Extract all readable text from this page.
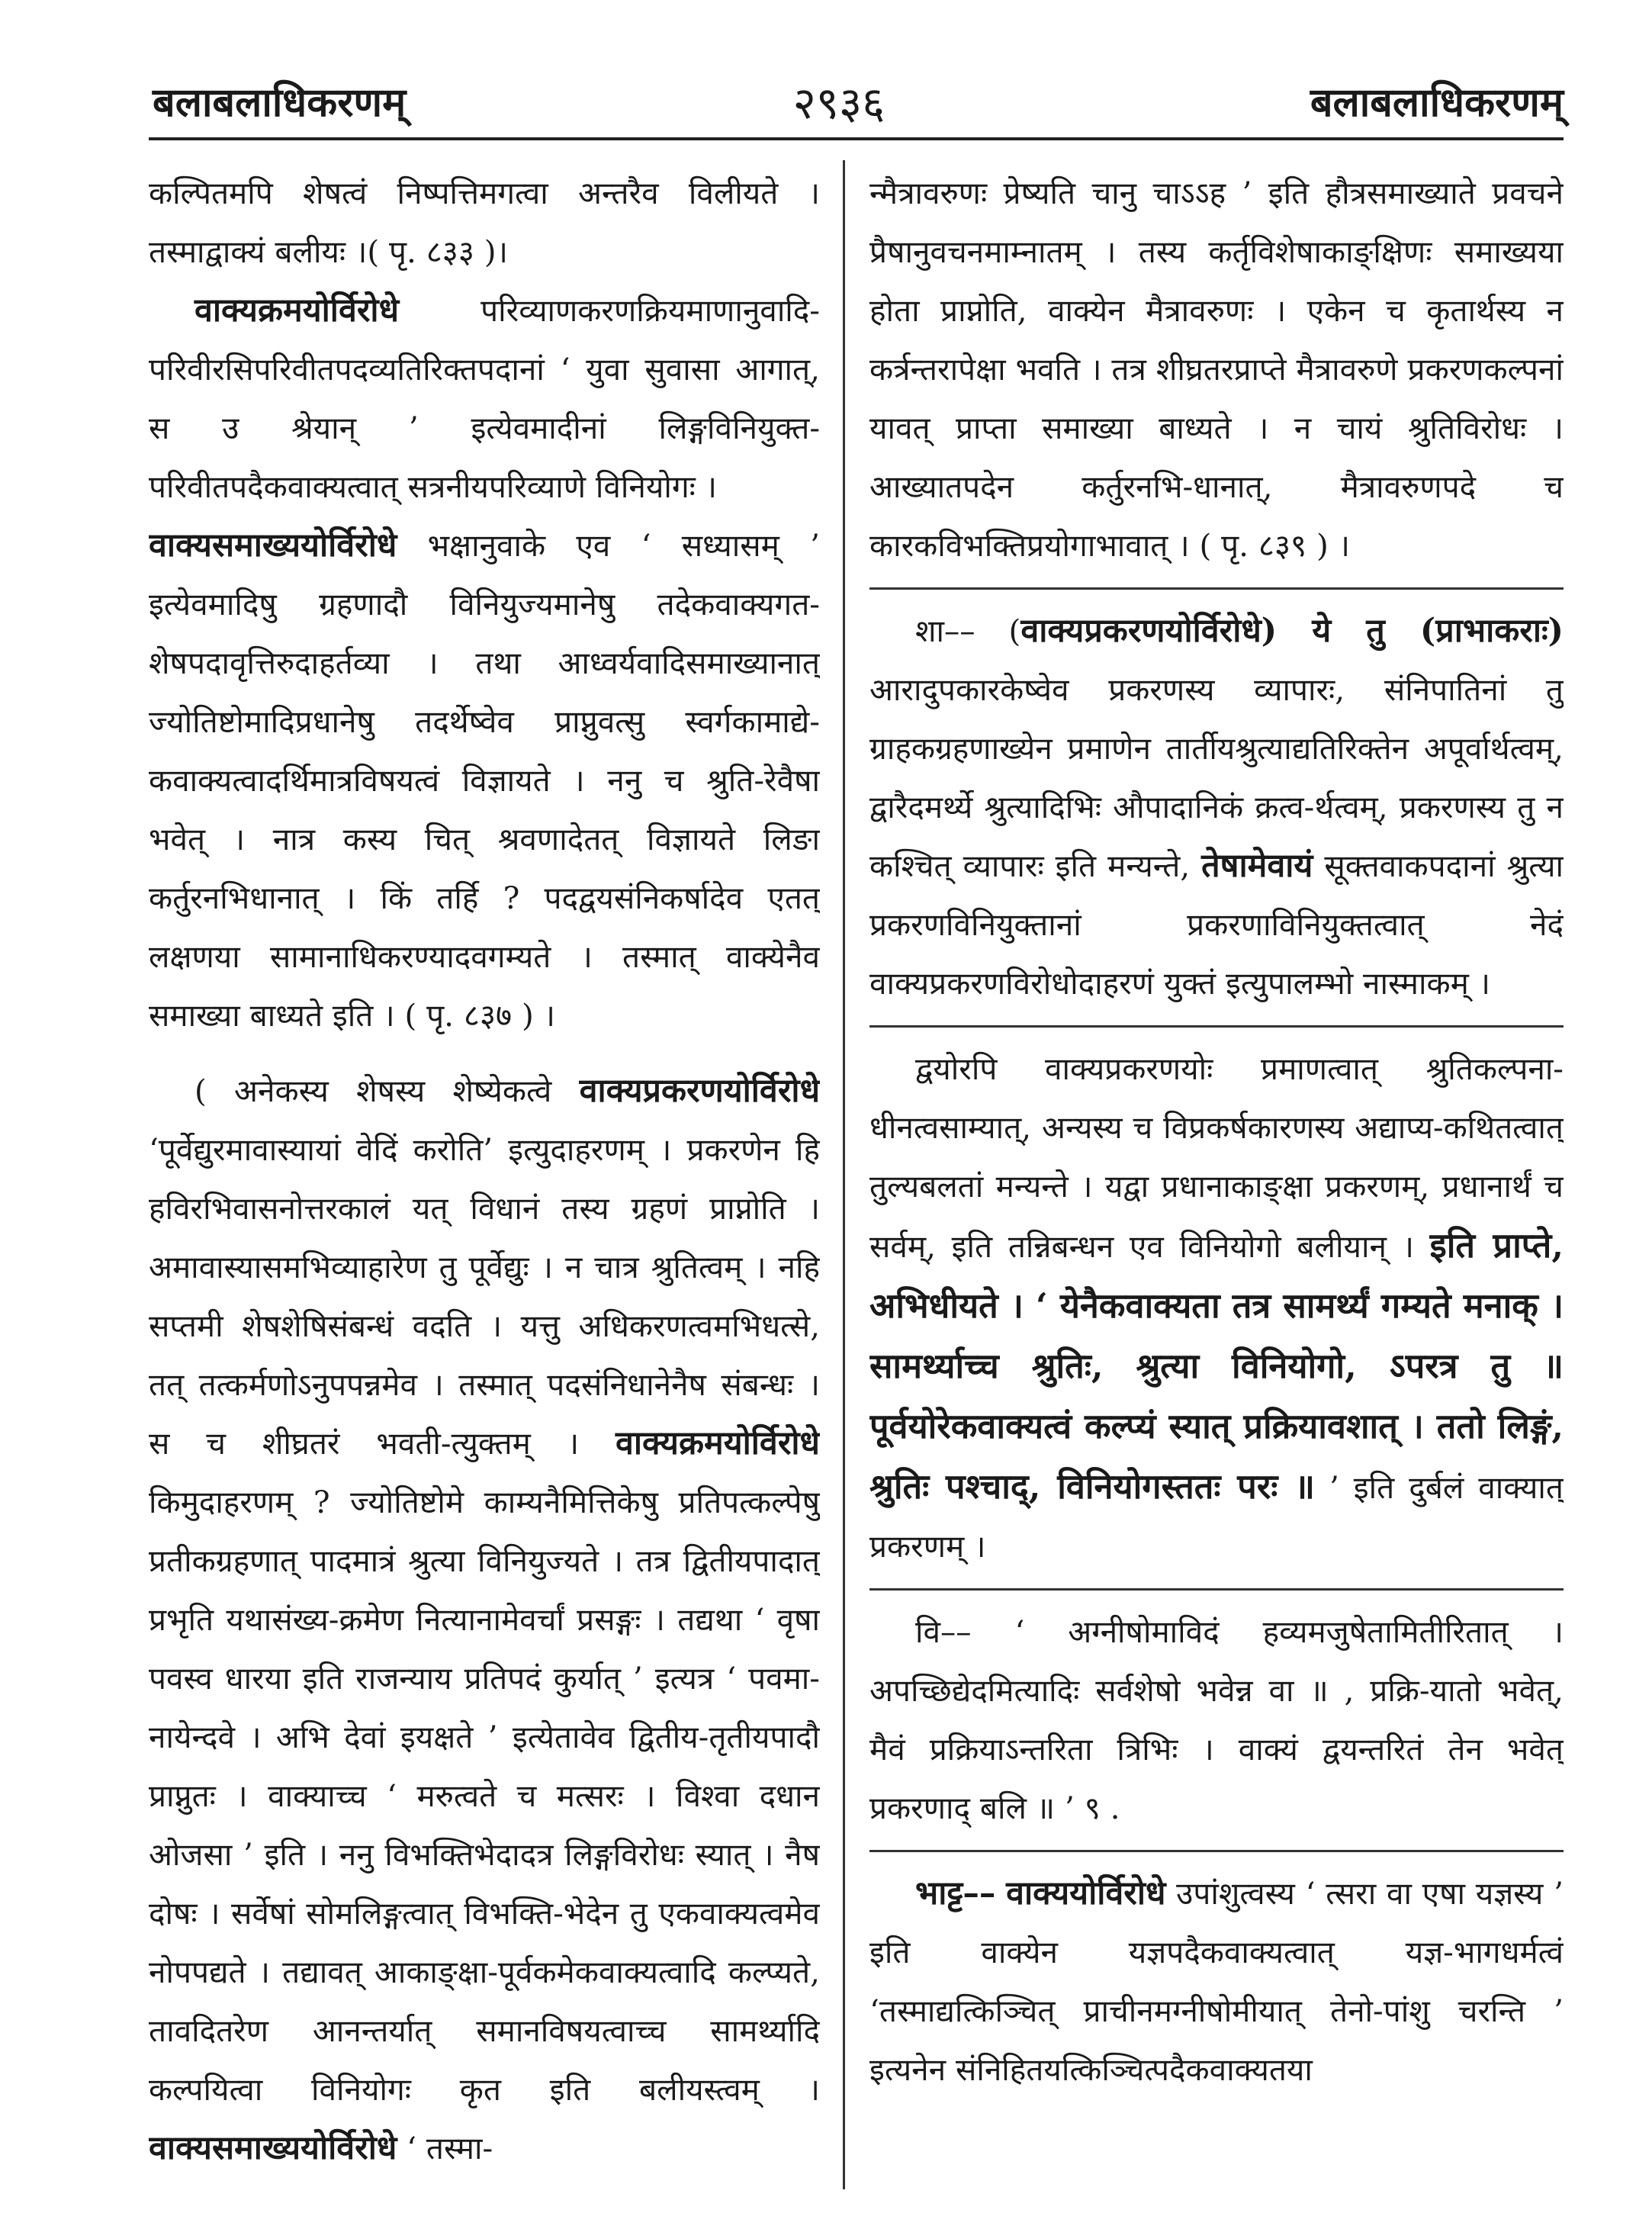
बलाबलाधिकरणम्	२९३६	बलाबलाधिकरणम्
कल्पितमपि शेषत्वं निष्पत्तिमगत्वा अन्तरैव विलीयते । तस्माद्वाक्यं बलीयः ।( पृ. ८३३ )।
वाक्यक्रमयोर्विरोधे	परिव्याणकरणक्रियमाणानुवादि-परिवीरसिपरिवीतपदव्यतिरिक्तपदानां ‘ युवा सुवासा आगात्, स उ श्रेयान् ’ इत्येवमादीनां लिङ्गविनियुक्त-परिवीतपदैकवाक्यत्वात् सत्रनीयपरिव्याणे विनियोगः ।
वाक्यसमाख्ययोर्विरोधे भक्षानुवाके एव ‘ सध्यासम् ’ इत्येवमादिषु ग्रहणादौ विनियुज्यमानेषु तदेकवाक्यगत-शेषपदावृत्तिरुदाहर्तव्या । तथा आध्वर्यवादिसमाख्यानात् ज्योतिष्टोमादिप्रधानेषु तदर्थेष्वेव प्राप्नुवत्सु स्वर्गकामाद्ये-कवाक्यत्वादर्थिमात्रविषयत्वं विज्ञायते । ननु च श्रुति-रेवैषा भवेत् । नात्र कस्य चित् श्रवणादेतत् विज्ञायते लिङा कर्तुरनभिधानात् । किं तर्हि ? पदद्वयसंनिकर्षादेव एतत् लक्षणया सामानाधिकरण्यादवगम्यते । तस्मात् वाक्येनैव समाख्या बाध्यते इति । ( पृ. ८३७ ) ।
( अनेकस्य शेषस्य शेष्येकत्वे वाक्यप्रकरणयोर्विरोधे ‘पूर्वेद्युरमावास्यायां वेदिं करोति’ इत्युदाहरणम् । प्रकरणेन हि हविरभिवासनोत्तरकालं यत् विधानं तस्य ग्रहणं प्राप्नोति । अमावास्यासमभिव्याहारेण तु पूर्वेद्युः । न चात्र श्रुतित्वम् । नहि सप्तमी शेषशेषिसंबन्धं वदति । यत्तु अधिकरणत्वमभिधत्से, तत् तत्कर्मणोऽनुपपन्नमेव । तस्मात् पदसंनिधानेनैष संबन्धः । स च शीघ्रतरं भवती-त्युक्तम् । वाक्यक्रमयोर्विरोधे किमुदाहरणम् ? ज्योतिष्टोमे काम्यनैमित्तिकेषु प्रतिपत्कल्पेषु प्रतीकग्रहणात् पादमात्रं श्रुत्या विनियुज्यते । तत्र द्वितीयपादात् प्रभृति यथासंख्य-क्रमेण नित्यानामेवर्चां प्रसङ्गः । तद्यथा ‘ वृषा पवस्व धारया इति राजन्याय प्रतिपदं कुर्यात् ’ इत्यत्र ‘ पवमा-नायेन्दवे । अभि देवां इयक्षते ’ इत्येतावेव द्वितीय-तृतीयपादौ प्राप्नुतः । वाक्याच्च ‘ मरुत्वते च मत्सरः । विश्वा दधान ओजसा ’ इति । ननु विभक्तिभेदादत्र लिङ्गविरोधः स्यात् । नैष दोषः । सर्वेषां सोमलिङ्गत्वात् विभक्ति-भेदेन तु एकवाक्यत्वमेव नोपपद्यते । तद्यावत् आकाङ्क्षा-पूर्वकमेकवाक्यत्वादि कल्प्यते, तावदितरेण आनन्तर्यात् समानविषयत्वाच्च सामर्थ्यादि कल्पयित्वा विनियोगः कृत इति बलीयस्त्वम् । वाक्यसमाख्ययोर्विरोधे ‘ तस्मा-
न्मैत्रावरुणः प्रेष्यति चानु चाऽऽह ’ इति हौत्रसमाख्याते प्रवचने प्रैषानुवचनमाम्नातम् । तस्य कर्तृविशेषाकाङ्क्षिणः समाख्यया होता प्राप्नोति, वाक्येन मैत्रावरुणः । एकेन च कृतार्थस्य न कर्त्रन्तरापेक्षा भवति । तत्र शीघ्रतरप्राप्ते मैत्रावरुणे प्रकरणकल्पनां यावत् प्राप्ता समाख्या बाध्यते । न चायं श्रुतिविरोधः । आख्यातपदेन कर्तुरनभि-धानात्, मैत्रावरुणपदे च कारकविभक्तिप्रयोगाभावात् । ( पृ. ८३९ ) ।
शा–– (वाक्यप्रकरणयोर्विरोधे) ये तु (प्राभाकराः) आरादुपकारकेष्वेव प्रकरणस्य व्यापारः, संनिपातिनां तु ग्राहकग्रहणाख्येन प्रमाणेन तार्तीयश्रुत्याद्यतिरिक्तेन अपूर्वार्थत्वम्, द्वारैदमर्थ्ये श्रुत्यादिभिः औपादानिकं क्रत्व-र्थत्वम्, प्रकरणस्य तु न कश्चित् व्यापारः इति मन्यन्ते, तेषामेवायं सूक्तवाकपदानां श्रुत्या प्रकरणविनियुक्तानां प्रकरणाविनियुक्तत्वात् नेदं वाक्यप्रकरणविरोधोदाहरणं युक्तं इत्युपालम्भो नास्माकम् ।
द्वयोरपि वाक्यप्रकरणयोः प्रमाणत्वात् श्रुतिकल्पना-धीनत्वसाम्यात्, अन्यस्य च विप्रकर्षकारणस्य अद्याप्य-कथितत्वात् तुल्यबलतां मन्यन्ते । यद्वा प्रधानाकाङ्क्षा प्रकरणम्, प्रधानार्थं च सर्वम्, इति तन्निबन्धन एव विनियोगो बलीयान् । इति प्राप्ते, अभिधीयते । ‘ येनैकवाक्यता तत्र सामर्थ्यं गम्यते मनाक् । सामर्थ्याच्च श्रुतिः, श्रुत्या विनियोगो, ऽपरत्र तु ॥ पूर्वयोरेकवाक्यत्वं कल्प्यं स्यात् प्रक्रियावशात् । ततो लिङ्गं, श्रुतिः पश्चाद्, विनियोगस्ततः परः ॥ ’ इति दुर्बलं वाक्यात् प्रकरणम् ।
वि–– ‘ अग्नीषोमाविदं हव्यमजुषेतामितीरितात् । अपच्छिद्येदमित्यादिः सर्वशेषो भवेन्न वा ॥ , प्रक्रि-यातो भवेत्, मैवं प्रक्रियाऽन्तरिता त्रिभिः । वाक्यं द्वयन्तरितं तेन भवेत् प्रकरणाद् बलि ॥ ’ ९ .
भाट्ट–– वाक्ययोर्विरोधे उपांशुत्वस्य ‘ त्सरा वा एषा यज्ञस्य ’ इति वाक्येन यज्ञपदैकवाक्यत्वात् यज्ञ-भागधर्मत्वं ‘तस्माद्यत्किञ्चित् प्राचीनमग्नीषोमीयात् तेनो-पांशु चरन्ति ’ इत्यनेन संनिहितयत्किञ्चित्पदैकवाक्यतया
